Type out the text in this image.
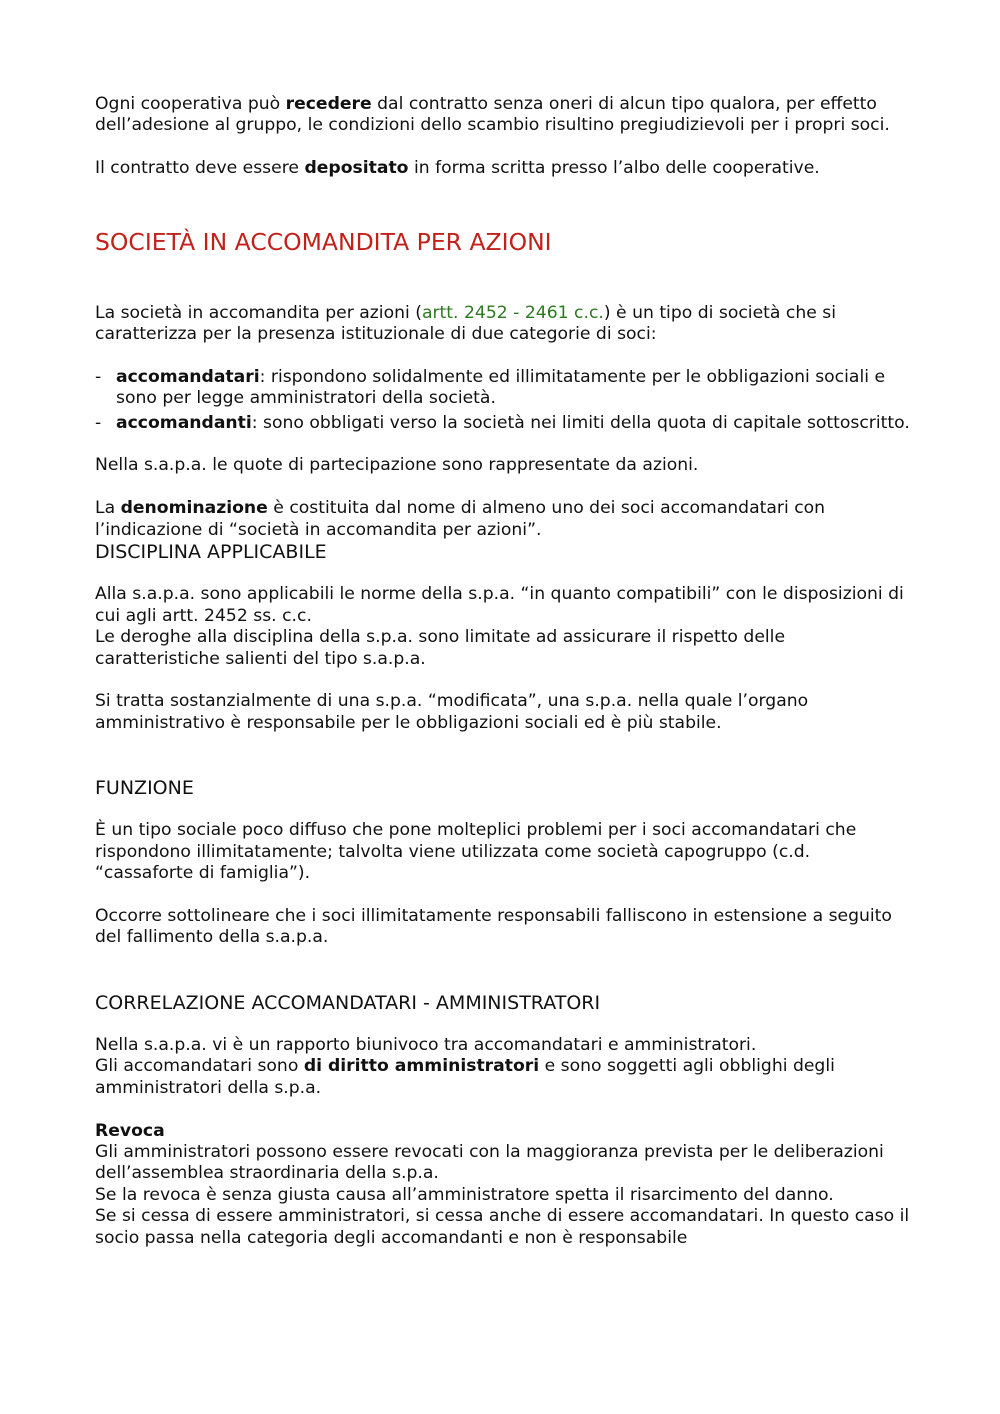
Ogni cooperativa può recedere dal contratto senza oneri di alcun tipo qualora, per effetto dell’adesione al gruppo, le condizioni dello scambio risultino pregiudizievoli per i propri soci.

Il contratto deve essere depositato in forma scritta presso l’albo delle cooperative.

SOCIETÀ IN ACCOMANDITA PER AZIONI

La società in accomandita per azioni (artt. 2452 - 2461 c.c.) è un tipo di società che si caratterizza per la presenza istituzionale di due categorie di soci:

- accomandatari: rispondono solidalmente ed illimitatamente per le obbligazioni sociali e sono per legge amministratori della società.
- accomandanti: sono obbligati verso la società nei limiti della quota di capitale sottoscritto.

Nella s.a.p.a. le quote di partecipazione sono rappresentate da azioni.

La denominazione è costituita dal nome di almeno uno dei soci accomandatari con l’indicazione di “società in accomandita per azioni”.

DISCIPLINA APPLICABILE

Alla s.a.p.a. sono applicabili le norme della s.p.a. “in quanto compatibili” con le disposizioni di cui agli artt. 2452 ss. c.c.

Le deroghe alla disciplina della s.p.a. sono limitate ad assicurare il rispetto delle caratteristiche salienti del tipo s.a.p.a.

Si tratta sostanzialmente di una s.p.a. “modificata”, una s.p.a. nella quale l’organo amministrativo è responsabile per le obbligazioni sociali ed è più stabile.

FUNZIONE

È un tipo sociale poco diffuso che pone molteplici problemi per i soci accomandatari che rispondono illimitatamente; talvolta viene utilizzata come società capogruppo (c.d. “cassaforte di famiglia”).

Occorre sottolineare che i soci illimitatamente responsabili falliscono in estensione a seguito del fallimento della s.a.p.a.

CORRELAZIONE ACCOMANDATARI - AMMINISTRATORI

Nella s.a.p.a. vi è un rapporto biunivoco tra accomandatari e amministratori.

Gli accomandatari sono di diritto amministratori e sono soggetti agli obblighi degli amministratori della s.p.a.

Revoca

Gli amministratori possono essere revocati con la maggioranza prevista per le deliberazioni dell’assemblea straordinaria della s.p.a.

Se la revoca è senza giusta causa all’amministratore spetta il risarcimento del danno.

Se si cessa di essere amministratori, si cessa anche di essere accomandatari. In questo caso il socio passa nella categoria degli accomandanti e non è responsabile
